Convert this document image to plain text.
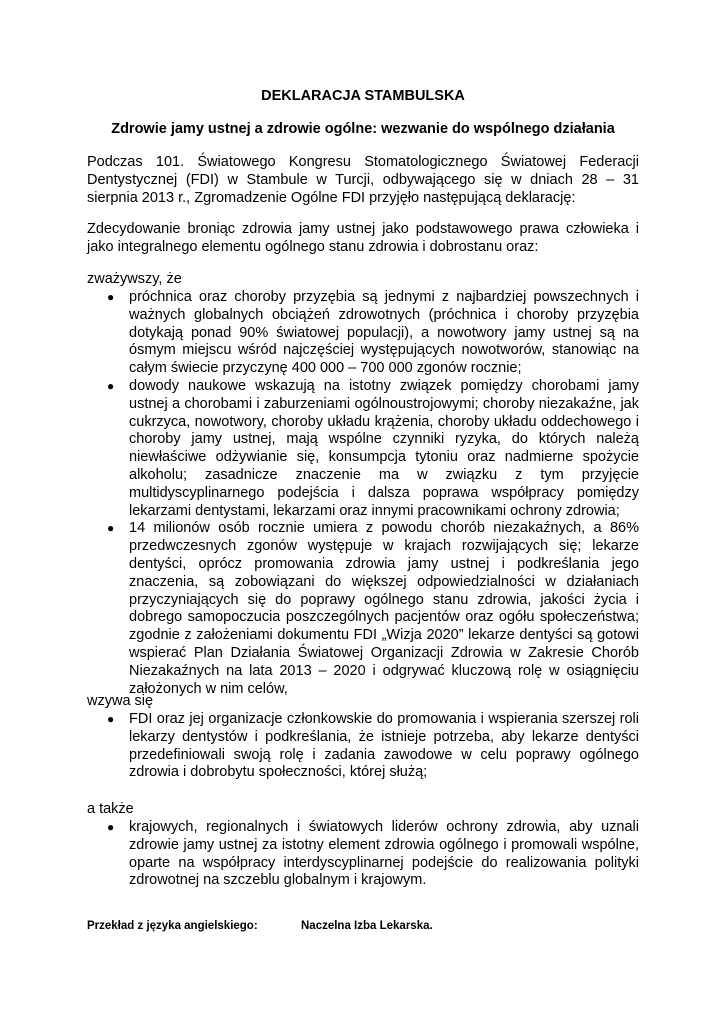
DEKLARACJA STAMBULSKA
Zdrowie jamy ustnej a zdrowie ogólne: wezwanie do wspólnego działania

Podczas 101. Światowego Kongresu Stomatologicznego Światowej Federacji Dentystycznej (FDI) w Stambule w Turcji, odbywającego się w dniach 28 – 31 sierpnia 2013 r., Zgromadzenie Ogólne FDI przyjęło następującą deklarację:

Zdecydowanie broniąc zdrowia jamy ustnej jako podstawowego prawa człowieka i jako integralnego elementu ogólnego stanu zdrowia i dobrostanu oraz:

zważywszy, że

● próchnica oraz choroby przyzębia są jednymi z najbardziej powszechnych i ważnych globalnych obciążeń zdrowotnych (próchnica i choroby przyzębia dotykają ponad 90% światowej populacji), a nowotwory jamy ustnej są na ósmym miejscu wśród najczęściej występujących nowotworów, stanowiąc na całym świecie przyczynę 400 000 – 700 000 zgonów rocznie;
● dowody naukowe wskazują na istotny związek pomiędzy chorobami jamy ustnej a chorobami i zaburzeniami ogólnoustrojowymi; choroby niezakaźne, jak cukrzyca, nowotwory, choroby układu krążenia, choroby układu oddechowego i choroby jamy ustnej, mają wspólne czynniki ryzyka, do których należą niewłaściwe odżywianie się, konsumpcja tytoniu oraz nadmierne spożycie alkoholu; zasadnicze znaczenie ma w związku z tym przyjęcie multidyscyplinarnego podejścia i dalsza poprawa współpracy pomiędzy lekarzami dentystami, lekarzami oraz innymi pracownikami ochrony zdrowia;
● 14 milionów osób rocznie umiera z powodu chorób niezakaźnych, a 86% przedwczesnych zgonów występuje w krajach rozwijających się; lekarze dentyści, oprócz promowania zdrowia jamy ustnej i podkreślania jego znaczenia, są zobowiązani do większej odpowiedzialności w działaniach przyczyniających się do poprawy ogólnego stanu zdrowia, jakości życia i dobrego samopoczucia poszczególnych pacjentów oraz ogółu społeczeństwa; zgodnie z założeniami dokumentu FDI „Wizja 2020” lekarze dentyści są gotowi wspierać Plan Działania Światowej Organizacji Zdrowia w Zakresie Chorób Niezakaźnych na lata 2013 – 2020 i odgrywać kluczową rolę w osiągnięciu założonych w nim celów,

wzywa się

● FDI oraz jej organizacje członkowskie do promowania i wspierania szerszej roli lekarzy dentystów i podkreślania, że istnieje potrzeba, aby lekarze dentyści przedefiniowali swoją rolę i zadania zawodowe w celu poprawy ogólnego zdrowia i dobrobytu społeczności, której służą;

a także

● krajowych, regionalnych i światowych liderów ochrony zdrowia, aby uznali zdrowie jamy ustnej za istotny element zdrowia ogólnego i promowali wspólne, oparte na współpracy interdyscyplinarnej podejście do realizowania polityki zdrowotnej na szczeblu globalnym i krajowym.
Przekład z języka angielskiego:	Naczelna Izba Lekarska.
